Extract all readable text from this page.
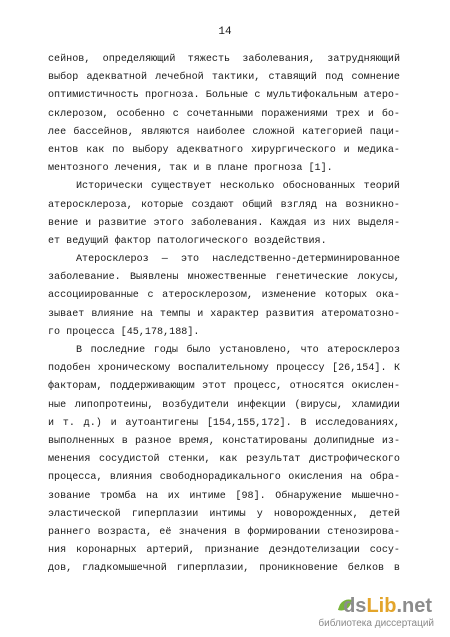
14
сейнов, определяющий тяжесть заболевания, затрудняющий
выбор адекватной лечебной тактики, ставящий под сомнение
оптимистичность прогноза. Больные с мультифокальным атеро-
склерозом, особенно с сочетанными поражениями трех и бо-
лее бассейнов, являются наиболее сложной категорией паци-
ентов как по выбору адекватного хирургического и медика-
ментозного лечения, так и в плане прогноза [1].
Исторически существует несколько обоснованных теорий
атеросклероза, которые создают общий взгляд на возникно-
вение и развитие этого заболевания. Каждая из них выделя-
ет ведущий фактор патологического воздействия.
Атеросклероз — это наследственно-детерминированное
заболевание. Выявлены множественные генетические локусы,
ассоциированные с атеросклерозом, изменение которых ока-
зывает влияние на темпы и характер развития атероматозно-
го процесса [45,178,188].
В последние годы было установлено, что атеросклероз
подобен хроническому воспалительному процессу [26,154]. К
факторам, поддерживающим этот процесс, относятся окислен-
ные липопротеины, возбудители инфекции (вирусы, хламидии
и т. д.) и аутоантигены [154,155,172]. В исследованиях,
выполненных в разное время, констатированы долипидные из-
менения сосудистой стенки, как результат дистрофического
процесса, влияния свободнорадикального окисления на обра-
зование тромба на их интиме [98]. Обнаружение мышечно-
эластической гиперплазии интимы у новорожденных, детей
раннего возраста, её значения в формировании стенозирова-
ния коронарных артерий, признание деэндотелизации сосу-
дов, гладкомышечной гиперплазии, проникновение белков в
dsLib.net
библиотека диссертаций
